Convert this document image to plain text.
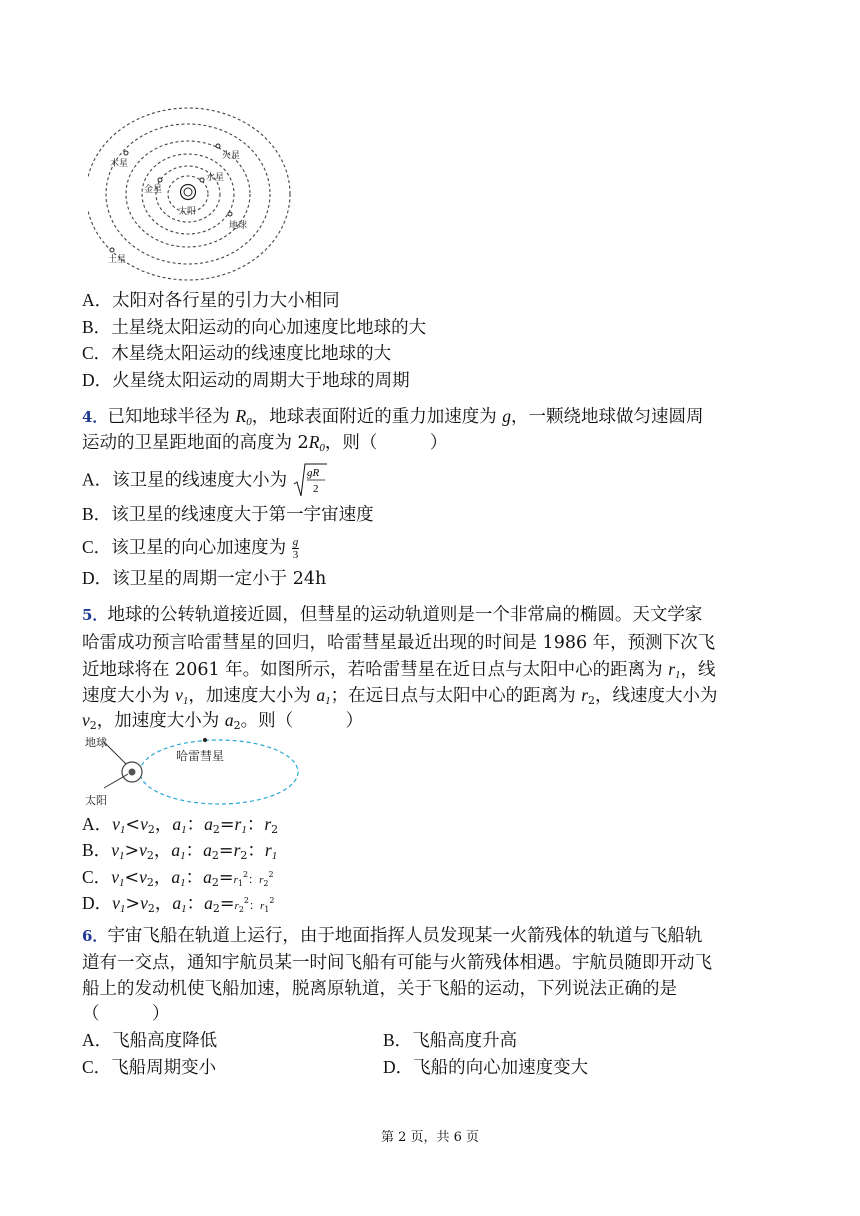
木星
火星
金星
水星
太阳
地球
土星
A．太阳对各行星的引力大小相同
B．土星绕太阳运动的向心加速度比地球的大
C．木星绕太阳运动的线速度比地球的大
D．火星绕太阳运动的周期大于地球的周期
4．已知地球半径为 $R_0$，地球表面附近的重力加速度为 g，一颗绕地球做匀速圆周
运动的卫星距地面的高度为 $2R_0$，则（　　　）
A．该卫星的线速度大小为 gR
2
B．该卫星的线速度大于第一宇宙速度
C．该卫星的向心加速度为 $\frac{g}{3}$
D．该卫星的周期一定小于 24h
5．地球的公转轨道接近圆，但彗星的运动轨道则是一个非常扁的椭圆。天文学家
哈雷成功预言哈雷彗星的回归，哈雷彗星最近出现的时间是 1986 年，预测下次飞
近地球将在 2061 年。如图所示，若哈雷彗星在近日点与太阳中心的距离为 $r_1$，线
速度大小为 $v_1$，加速度大小为 $a_1$；在远日点与太阳中心的距离为 $r_2$，线速度大小为
$v_2$，加速度大小为 $a_2$。则（　　　）
地球
哈雷彗星
太阳
A．$v_1<v_2$，$a_1$：$a_2=r_1$：$r_2$
B．$v_1>v_2$，$a_1$：$a_2=r_2$：$r_1$
C．$v_1<v_2$，$a_1$：$a_2=r_1^2$：$r_2^2$
D．$v_1>v_2$，$a_1$：$a_2=r_2^2$：$r_1^2$
6．宇宙飞船在轨道上运行，由于地面指挥人员发现某一火箭残体的轨道与飞船轨
道有一交点，通知宇航员某一时间飞船有可能与火箭残体相遇。宇航员随即开动飞
船上的发动机使飞船加速，脱离原轨道，关于飞船的运动，下列说法正确的是
（　　　）
A．飞船高度降低	B．飞船高度升高
C．飞船周期变小	D．飞船的向心加速度变大
第 2 页，共 6 页
